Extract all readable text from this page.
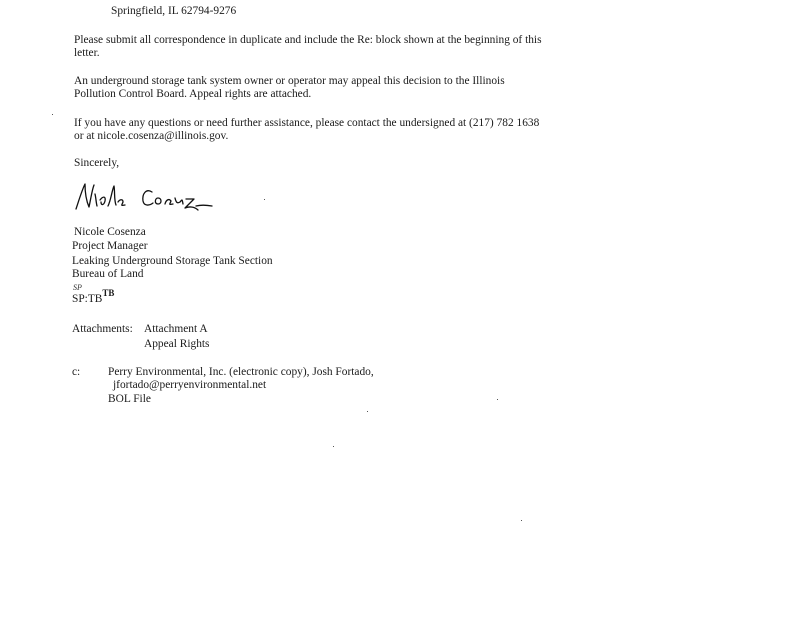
Springfield, IL 62794-9276
Please submit all correspondence in duplicate and include the Re: block shown at the beginning of this letter.
An underground storage tank system owner or operator may appeal this decision to the Illinois Pollution Control Board. Appeal rights are attached.
If you have any questions or need further assistance, please contact the undersigned at (217) 782 1638 or at nicole.cosenza@illinois.gov.
Sincerely,
Nicole Cosenza
Project Manager
Leaking Underground Storage Tank Section
Bureau of Land
SP
$SP:TB^{TB}$
Attachments: Attachment A
Appeal Rights
c: Perry Environmental, Inc. (electronic copy), Josh Fortado,
jfortado@perryenvironmental.net
BOL File
